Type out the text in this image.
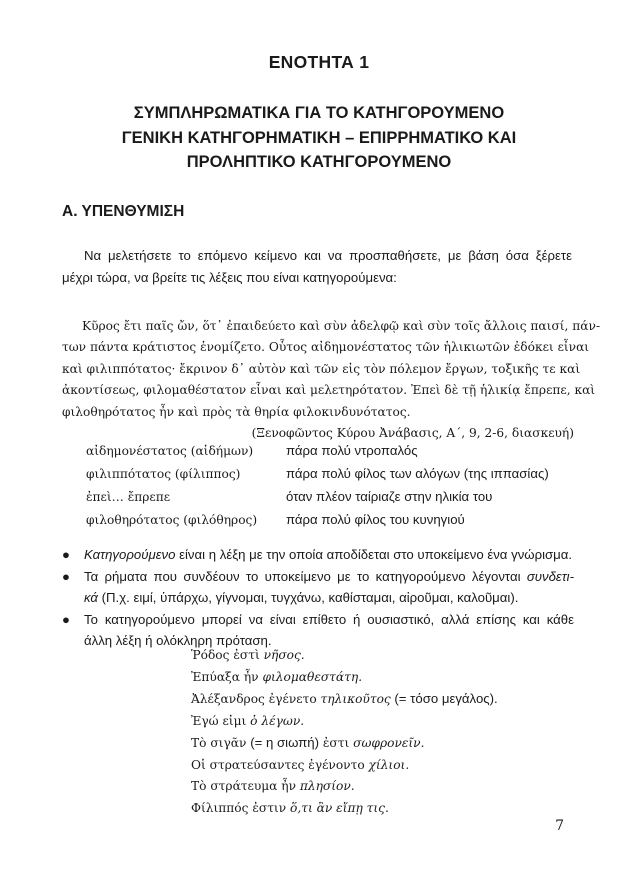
ΕΝΟΤΗΤΑ 1
ΣΥΜΠΛΗΡΩΜΑΤΙΚΑ ΓΙΑ ΤΟ ΚΑΤΗΓΟΡΟΥΜΕΝΟ
ΓΕΝΙΚΗ ΚΑΤΗΓΟΡΗΜΑΤΙΚΗ – ΕΠΙΡΡΗΜΑΤΙΚΟ ΚΑΙ
ΠΡΟΛΗΠΤΙΚΟ ΚΑΤΗΓΟΡΟΥΜΕΝΟ
Α. ΥΠΕΝΘΥΜΙΣΗ
Να μελετήσετε το επόμενο κείμενο και να προσπαθήσετε, με βάση όσα ξέρετε
μέχρι τώρα, να βρείτε τις λέξεις που είναι κατηγορούμενα:
Κῦρος ἔτι παῖς ὤν, ὅτ᾽ ἐπαιδεύετο καὶ σὺν ἀδελφῷ καὶ σὺν τοῖς ἄλλοις παισί, πάν-
των πάντα κράτιστος ἐνομίζετο. Οὗτος αἰδημονέστατος τῶν ἡλικιωτῶν ἐδόκει εἶναι
καὶ φιλιππότατος· ἔκρινον δ᾽ αὐτὸν καὶ τῶν εἰς τὸν πόλεμον ἔργων, τοξικῆς τε καὶ
ἀκοντίσεως, φιλομαθέστατον εἶναι καὶ μελετηρότατον. Ἐπεὶ δὲ τῇ ἡλικίᾳ ἔπρεπε, καὶ
φιλοθηρότατος ἦν καὶ πρὸς τὰ θηρία φιλοκινδυνότατος.
(Ξενοφῶντος Κύρου Ἀνάβασις, Α΄, 9, 2-6, διασκευή)
αἰδημονέστατος (αἰδήμων) πάρα πολύ ντροπαλός
φιλιππότατος (φίλιππος)	πάρα πολύ φίλος των αλόγων (της ιππασίας)
ἐπεὶ… ἔπρεπε	όταν πλέον ταίριαζε στην ηλικία του
φιλοθηρότατος (φιλόθηρος) πάρα πολύ φίλος του κυνηγιού
● Κατηγορούμενο είναι η λέξη με την οποία αποδίδεται στο υποκείμενο ένα γνώρισμα.
● Τα ρήματα που συνδέουν το υποκείμενο με το κατηγορούμενο λέγονται συνδετι-
κά (Π.χ. ειμί, ὑπάρχω, γίγνομαι, τυγχάνω, καθίσταμαι, αἱροῦμαι, καλοῦμαι).
● Το κατηγορούμενο μπορεί να είναι επίθετο ή ουσιαστικό, αλλά επίσης και κάθε
άλλη λέξη ή ολόκληρη πρόταση.
Ῥόδος ἐστὶ νῆσος.
Ἐπύαξα ἦν φιλομαθεστάτη.
Ἀλέξανδρος ἐγένετο τηλικοῦτος (= τόσο μεγάλος).
Ἐγώ εἰμι ὁ λέγων.
Τὸ σιγᾶν (= η σιωπή) ἐστι σωφρονεῖν.
Οἱ στρατεύσαντες ἐγένοντο χίλιοι.
Τὸ στράτευμα ἦν πλησίον.
Φίλιππός ἐστιν ὅ,τι ἂν εἴπῃ τις.
7
